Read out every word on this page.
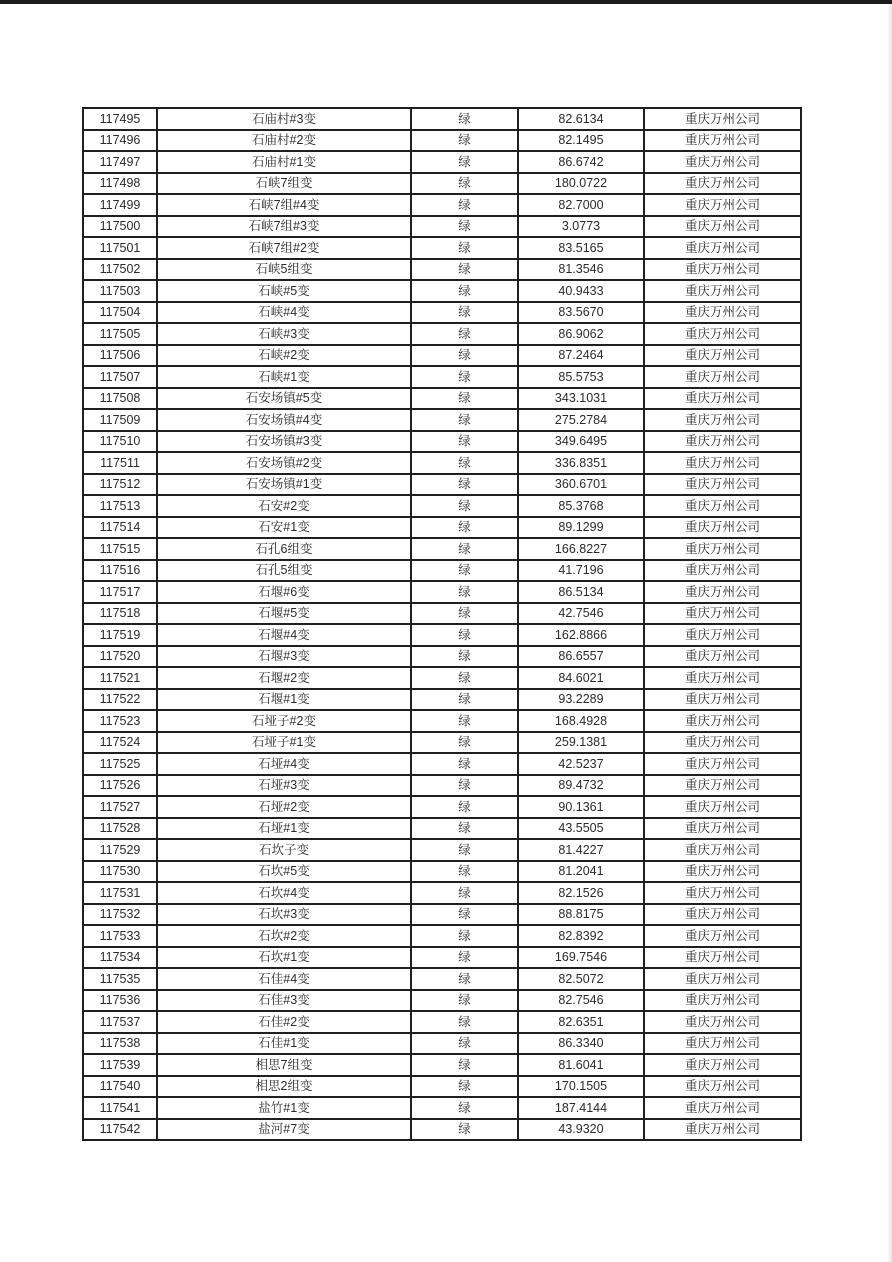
117495	石庙村#3变	绿	82.6134	重庆万州公司
117496	石庙村#2变	绿	82.1495	重庆万州公司
117497	石庙村#1变	绿	86.6742	重庆万州公司
117498	石峡7组变	绿	180.0722	重庆万州公司
117499	石峡7组#4变	绿	82.7000	重庆万州公司
117500	石峡7组#3变	绿	3.0773	重庆万州公司
117501	石峡7组#2变	绿	83.5165	重庆万州公司
117502	石峡5组变	绿	81.3546	重庆万州公司
117503	石峡#5变	绿	40.9433	重庆万州公司
117504	石峡#4变	绿	83.5670	重庆万州公司
117505	石峡#3变	绿	86.9062	重庆万州公司
117506	石峡#2变	绿	87.2464	重庆万州公司
117507	石峡#1变	绿	85.5753	重庆万州公司
117508	石安场镇#5变	绿	343.1031	重庆万州公司
117509	石安场镇#4变	绿	275.2784	重庆万州公司
117510	石安场镇#3变	绿	349.6495	重庆万州公司
117511	石安场镇#2变	绿	336.8351	重庆万州公司
117512	石安场镇#1变	绿	360.6701	重庆万州公司
117513	石安#2变	绿	85.3768	重庆万州公司
117514	石安#1变	绿	89.1299	重庆万州公司
117515	石孔6组变	绿	166.8227	重庆万州公司
117516	石孔5组变	绿	41.7196	重庆万州公司
117517	石堰#6变	绿	86.5134	重庆万州公司
117518	石堰#5变	绿	42.7546	重庆万州公司
117519	石堰#4变	绿	162.8866	重庆万州公司
117520	石堰#3变	绿	86.6557	重庆万州公司
117521	石堰#2变	绿	84.6021	重庆万州公司
117522	石堰#1变	绿	93.2289	重庆万州公司
117523	石垭子#2变	绿	168.4928	重庆万州公司
117524	石垭子#1变	绿	259.1381	重庆万州公司
117525	石垭#4变	绿	42.5237	重庆万州公司
117526	石垭#3变	绿	89.4732	重庆万州公司
117527	石垭#2变	绿	90.1361	重庆万州公司
117528	石垭#1变	绿	43.5505	重庆万州公司
117529	石坎子变	绿	81.4227	重庆万州公司
117530	石坎#5变	绿	81.2041	重庆万州公司
117531	石坎#4变	绿	82.1526	重庆万州公司
117532	石坎#3变	绿	88.8175	重庆万州公司
117533	石坎#2变	绿	82.8392	重庆万州公司
117534	石坎#1变	绿	169.7546	重庆万州公司
117535	石佳#4变	绿	82.5072	重庆万州公司
117536	石佳#3变	绿	82.7546	重庆万州公司
117537	石佳#2变	绿	82.6351	重庆万州公司
117538	石佳#1变	绿	86.3340	重庆万州公司
117539	相思7组变	绿	81.6041	重庆万州公司
117540	相思2组变	绿	170.1505	重庆万州公司
117541	盐竹#1变	绿	187.4144	重庆万州公司
117542	盐河#7变	绿	43.9320	重庆万州公司
